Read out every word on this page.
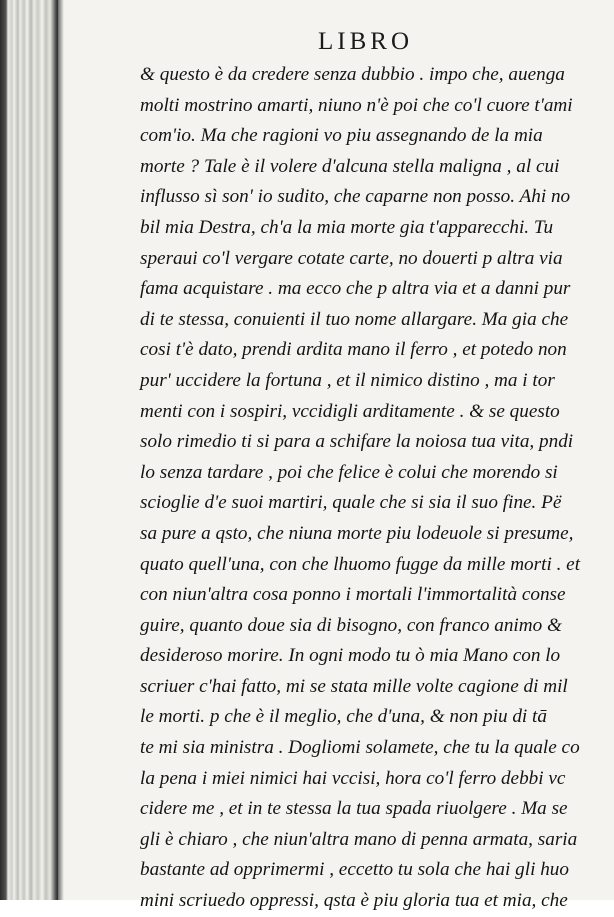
LIBRO
& questo è da credere senza dubbio . impo che, auenga
molti mostrino amarti, niuno n'è poi che co'l cuore t'ami
com'io. Ma che ragioni vo piu assegnando de la mia
morte ? Tale è il volere d'alcuna stella maligna , al cui
influsso sì son' io sudito, che caparne non posso. Ahi no
bil mia Destra, ch'a la mia morte gia t'apparecchi. Tu
speraui co'l vergare cotate carte, no douerti p altra via
fama acquistare . ma ecco che p altra via et a danni pur
di te stessa, conuienti il tuo nome allargare. Ma gia che
cosi t'è dato, prendi ardita mano il ferro , et potedo non
pur' uccidere la fortuna , et il nimico distino , ma i tor
menti con i sospiri, vccidigli arditamente . & se questo
solo rimedio ti si para a schifare la noiosa tua vita, pndi
lo senza tardare , poi che felice è colui che morendo si
scioglie d'e suoi martiri, quale che si sia il suo fine. Pë
sa pure a qsto, che niuna morte piu lodeuole si presume,
quato quell'una, con che lhuomo fugge da mille morti . et
con niun'altra cosa ponno i mortali l'immortalità conse
guire, quanto doue sia di bisogno, con franco animo &
desideroso morire. In ogni modo tu ò mia Mano con lo
scriuer c'hai fatto, mi se stata mille volte cagione di mil
le morti. p che è il meglio, che d'una, & non piu di tā
te mi sia ministra . Dogliomi solamete, che tu la quale co
la pena i miei nimici hai vccisi, hora co'l ferro debbi vc
cidere me , et in te stessa la tua spada riuolgere . Ma se
gli è chiaro , che niun'altra mano di penna armata, saria
bastante ad opprimermi , eccetto tu sola che hai gli huo
mini scriuedo oppressi, qsta è piu gloria tua et mia, che
